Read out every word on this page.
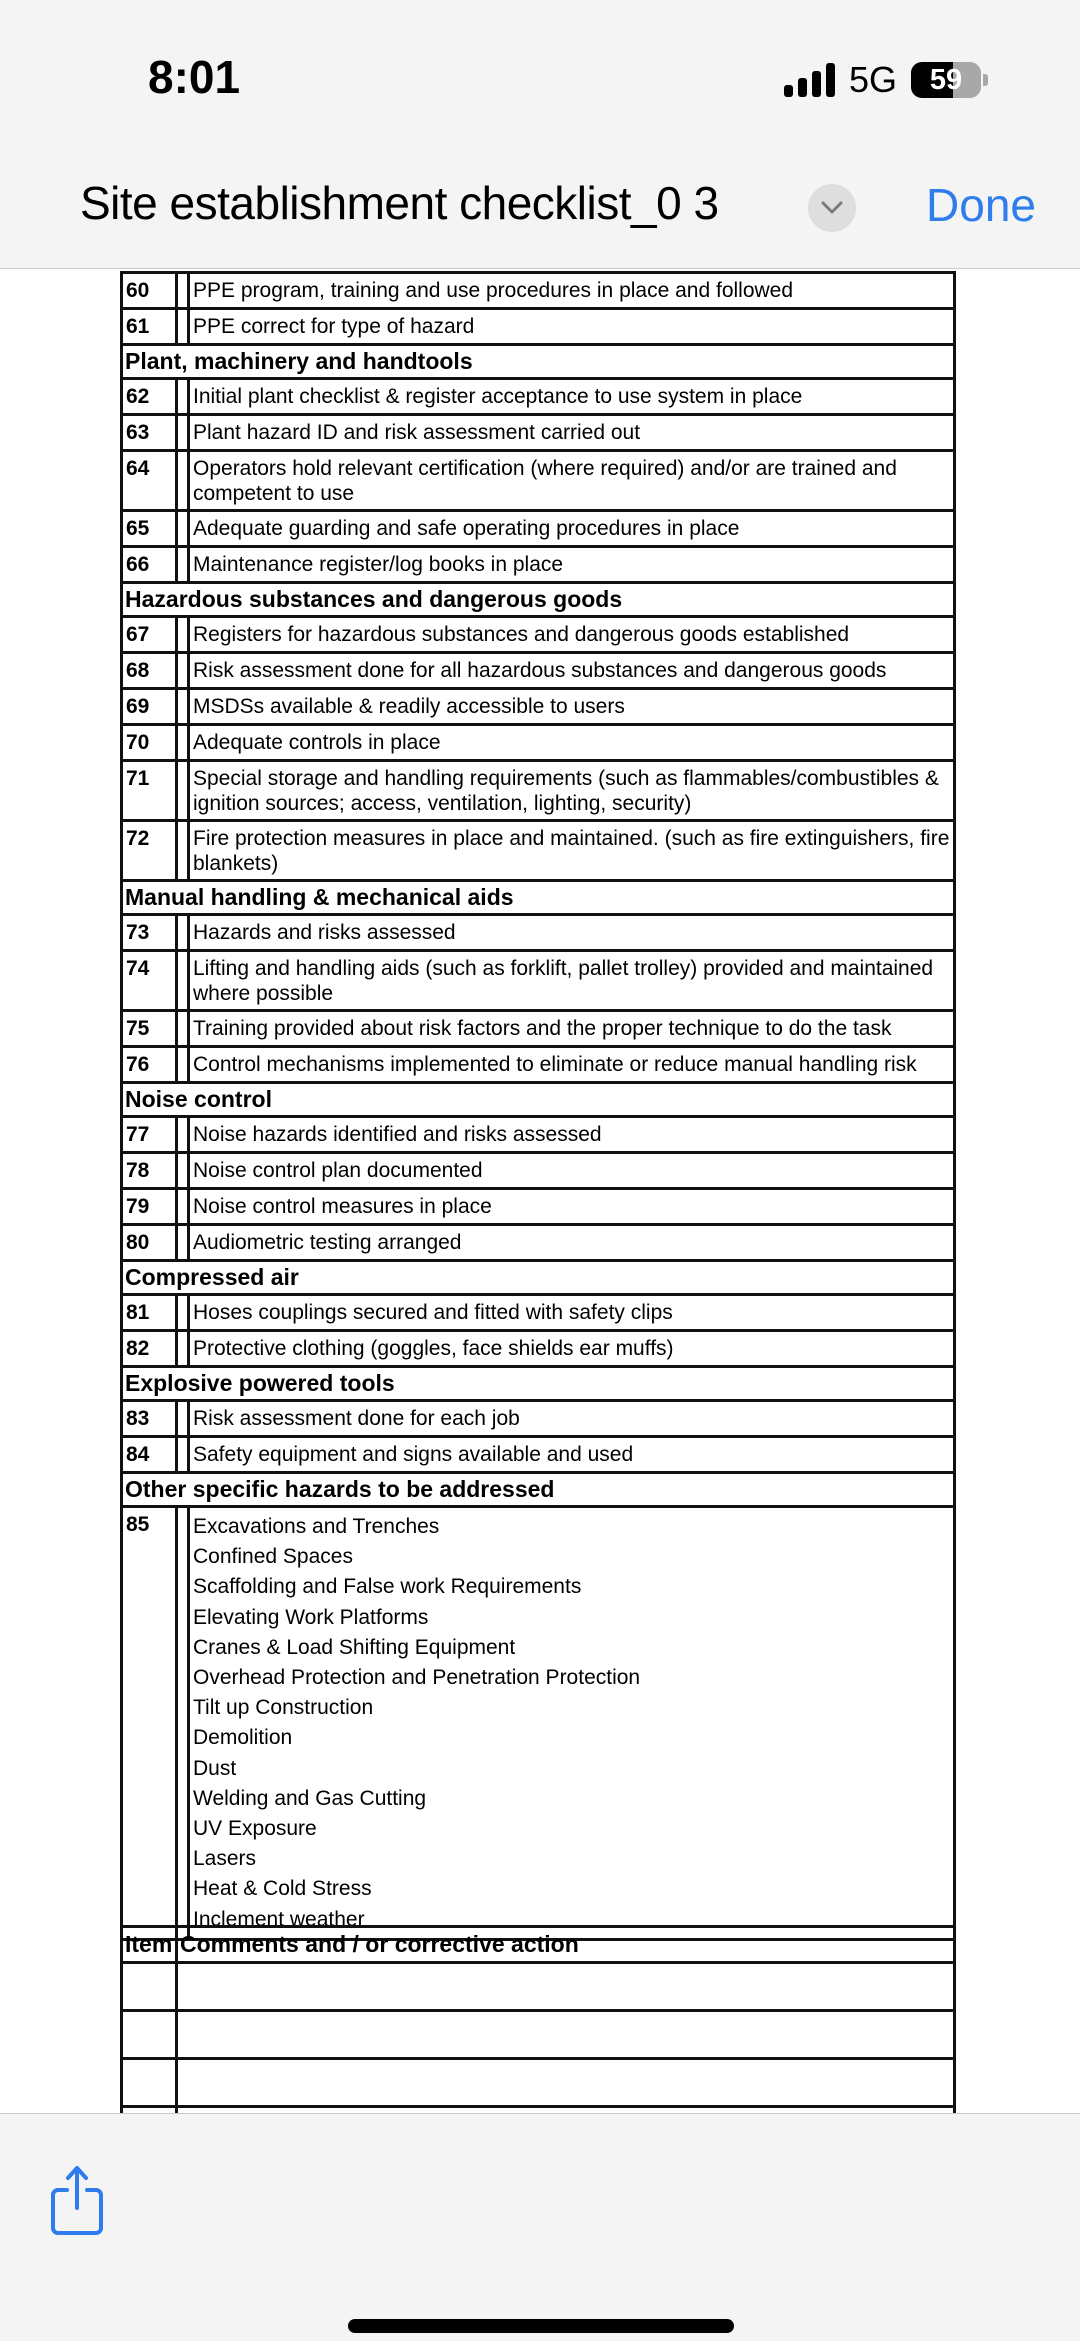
8:01	5G	59
Site establishment checklist_0 3	Done
60		PPE program, training and use procedures in place and followed
61		PPE correct for type of hazard
Plant, machinery and handtools		
62		Initial plant checklist & register acceptance to use system in place
63		Plant hazard ID and risk assessment carried out
64		Operators hold relevant certification (where required) and/or are trained and competent to use
65		Adequate guarding and safe operating procedures in place
66		Maintenance register/log books in place
Hazardous substances and dangerous goods		
67		Registers for hazardous substances and dangerous goods established
68		Risk assessment done for all hazardous substances and dangerous goods
69		MSDSs available & readily accessible to users
70		Adequate controls in place
71		Special storage and handling requirements (such as flammables/combustibles & ignition sources; access, ventilation, lighting, security)
72		Fire protection measures in place and maintained. (such as fire extinguishers, fire blankets)
Manual handling & mechanical aids		
73		Hazards and risks assessed
74		Lifting and handling aids (such as forklift, pallet trolley) provided and maintained where possible
75		Training provided about risk factors and the proper technique to do the task
76		Control mechanisms implemented to eliminate or reduce manual handling risk
Noise control		
77		Noise hazards identified and risks assessed
78		Noise control plan documented
79		Noise control measures in place
80		Audiometric testing arranged
Compressed air		
81		Hoses couplings secured and fitted with safety clips
82		Protective clothing (goggles, face shields ear muffs)
Explosive powered tools		
83		Risk assessment done for each job
84		Safety equipment and signs available and used
Other specific hazards to be addressed		
85		Excavations and Trenches
Confined Spaces
Scaffolding and False work Requirements
Elevating Work Platforms
Cranes & Load Shifting Equipment
Overhead Protection and Penetration Protection
Tilt up Construction
Demolition
Dust
Welding and Gas Cutting
UV Exposure
Lasers
Heat & Cold Stress
Inclement weather
Item	Comments and / or corrective action
